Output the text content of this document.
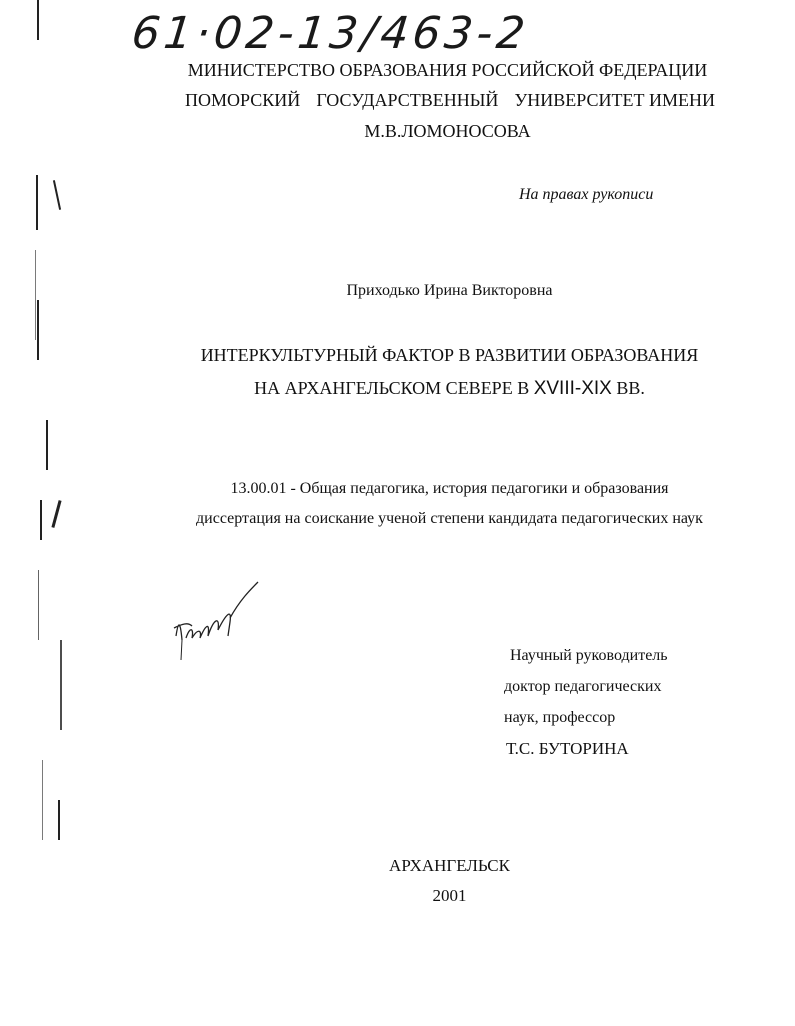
61·02-13/463-2
МИНИСТЕРСТВО ОБРАЗОВАНИЯ РОССИЙСКОЙ ФЕДЕРАЦИИ
ПОМОРСКИЙ ГОСУДАРСТВЕННЫЙ УНИВЕРСИТЕТ ИМЕНИ
М.В.ЛОМОНОСОВА
На правах рукописи
Приходько Ирина Викторовна
ИНТЕРКУЛЬТУРНЫЙ ФАКТОР В РАЗВИТИИ ОБРАЗОВАНИЯ
НА АРХАНГЕЛЬСКОМ СЕВЕРЕ В XVIII-XIX ВВ.
13.00.01 - Общая педагогика, история педагогики и образования
диссертация на соискание ученой степени кандидата педагогических наук
Научный руководитель
доктор педагогических
наук, профессор
Т.С. БУТОРИНА
АРХАНГЕЛЬСК
2001
